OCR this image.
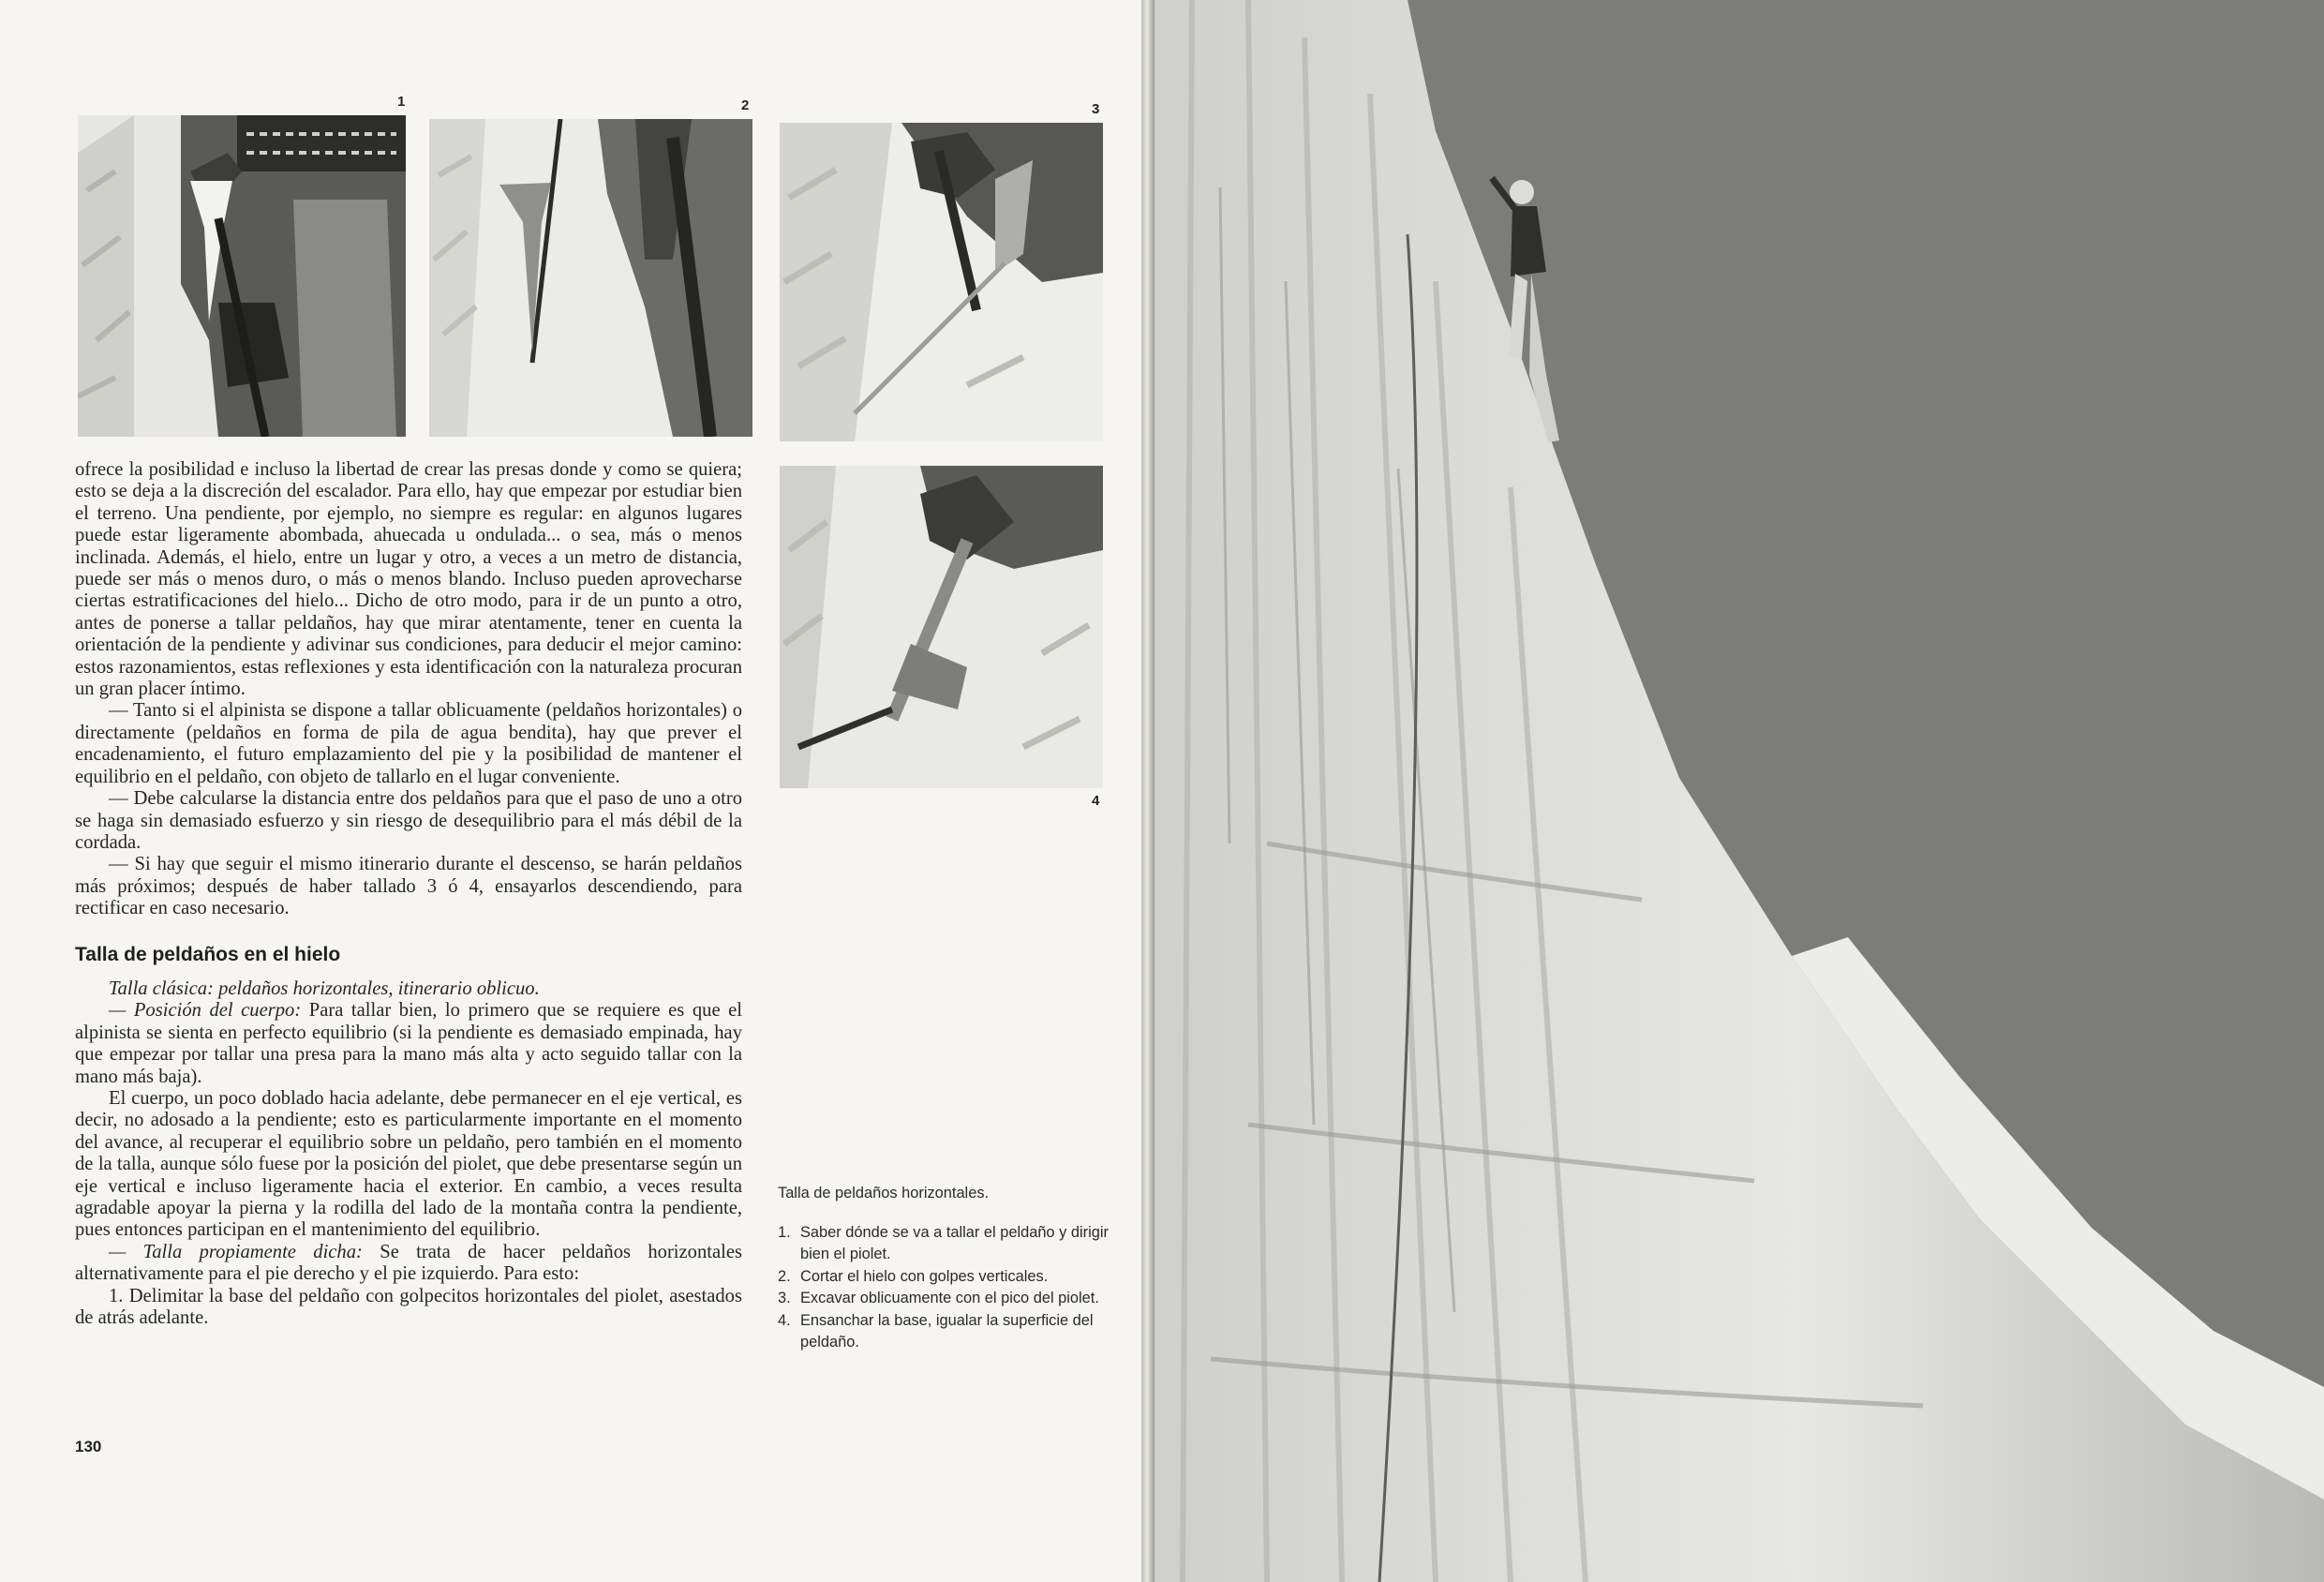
1	2	3
4

ofrece la posibilidad e incluso la libertad de crear las presas donde y como se quiera; esto se deja a la discreción del escalador. Para ello, hay que empezar por estudiar bien el terreno. Una pendiente, por ejemplo, no siempre es regular: en algunos lugares puede estar ligeramente abombada, ahuecada u ondulada... o sea, más o menos inclinada. Además, el hielo, entre un lugar y otro, a veces a un metro de distancia, puede ser más o menos duro, o más o menos blando. Incluso pueden aprovecharse ciertas estratificaciones del hielo... Dicho de otro modo, para ir de un punto a otro, antes de ponerse a tallar peldaños, hay que mirar atentamente, tener en cuenta la orientación de la pendiente y adivinar sus condiciones, para deducir el mejor camino: estos razonamientos, estas reflexiones y esta identificación con la naturaleza procuran un gran placer íntimo.

— Tanto si el alpinista se dispone a tallar oblicuamente (peldaños horizontales) o directamente (peldaños en forma de pila de agua bendita), hay que prever el encadenamiento, el futuro emplazamiento del pie y la posibilidad de mantener el equilibrio en el peldaño, con objeto de tallarlo en el lugar conveniente.

— Debe calcularse la distancia entre dos peldaños para que el paso de uno a otro se haga sin demasiado esfuerzo y sin riesgo de desequilibrio para el más débil de la cordada.

— Si hay que seguir el mismo itinerario durante el descenso, se harán peldaños más próximos; después de haber tallado 3 ó 4, ensayarlos descendiendo, para rectificar en caso necesario.

Talla de peldaños en el hielo

Talla clásica: peldaños horizontales, itinerario oblicuo.

— Posición del cuerpo: Para tallar bien, lo primero que se requiere es que el alpinista se sienta en perfecto equilibrio (si la pendiente es demasiado empinada, hay que empezar por tallar una presa para la mano más alta y acto seguido tallar con la mano más baja).

El cuerpo, un poco doblado hacia adelante, debe permanecer en el eje vertical, es decir, no adosado a la pendiente; esto es particularmente importante en el momento del avance, al recuperar el equilibrio sobre un peldaño, pero también en el momento de la talla, aunque sólo fuese por la posición del piolet, que debe presentarse según un eje vertical e incluso ligeramente hacia el exterior. En cambio, a veces resulta agradable apoyar la pierna y la rodilla del lado de la montaña contra la pendiente, pues entonces participan en el mantenimiento del equilibrio.

— Talla propiamente dicha: Se trata de hacer peldaños horizontales alternativamente para el pie derecho y el pie izquierdo. Para esto:

1. Delimitar la base del peldaño con golpecitos horizontales del piolet, asestados de atrás adelante.

Talla de peldaños horizontales.
1. Saber dónde se va a tallar el peldaño y dirigir bien el piolet.
2. Cortar el hielo con golpes verticales.
3. Excavar oblicuamente con el pico del piolet.
4. Ensanchar la base, igualar la superficie del peldaño.
130
